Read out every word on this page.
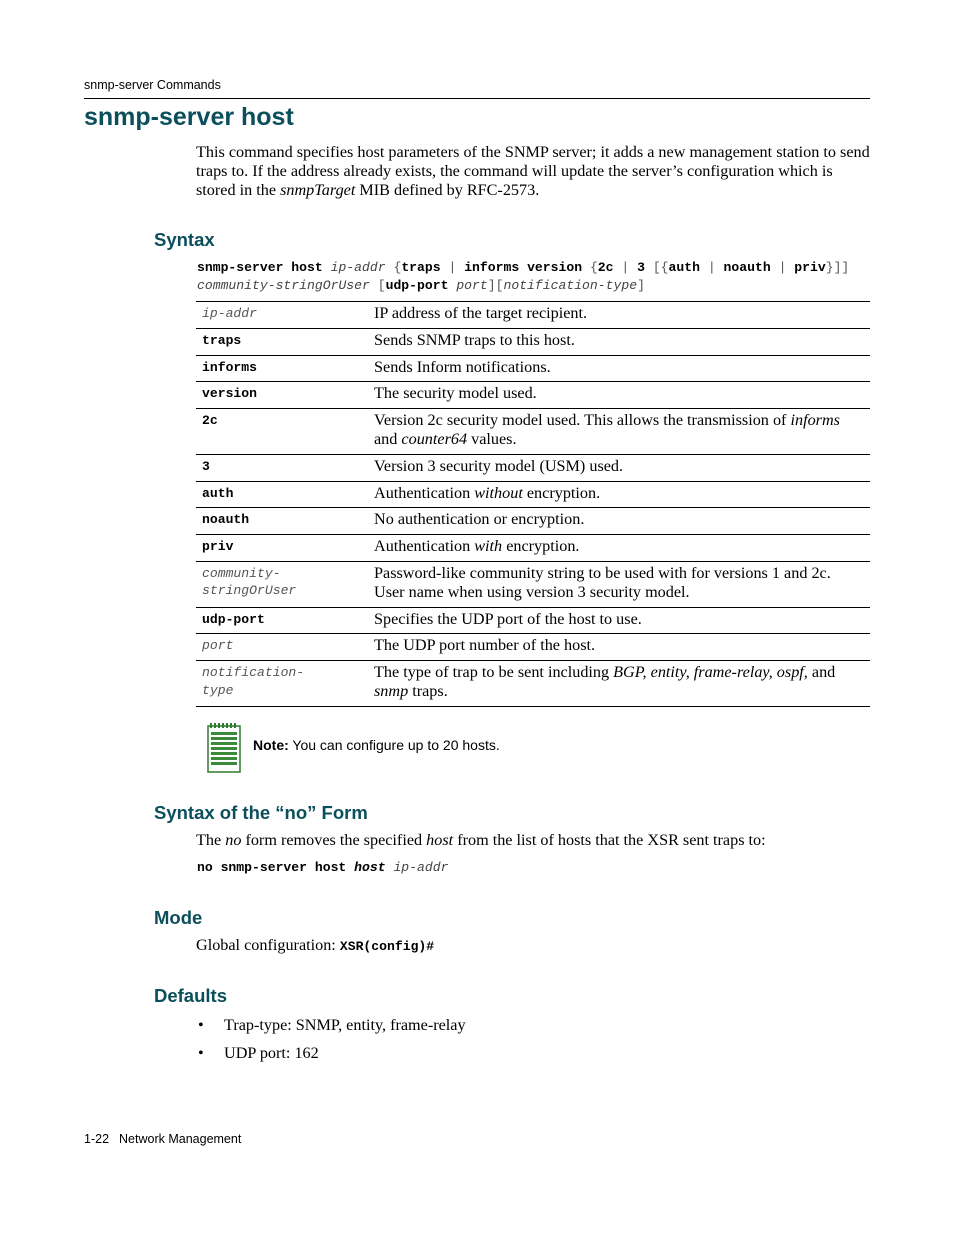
snmp-server Commands
snmp-server host

This command specifies host parameters of the SNMP server; it adds a new management station to send traps to. If the address already exists, the command will update the server’s configuration which is stored in the snmpTarget MIB defined by RFC-2573.

Syntax

snmp-server host ip-addr {traps | informs version {2c | 3 [{auth | noauth | priv}]]
community-stringOrUser [udp-port port][notification-type]

ip-addr	IP address of the target recipient.
traps	Sends SNMP traps to this host.
informs	Sends Inform notifications.
version	The security model used.
2c	Version 2c security model used. This allows the transmission of informs and counter64 values.
3	Version 3 security model (USM) used.
auth	Authentication without encryption.
noauth	No authentication or encryption.
priv	Authentication with encryption.
community-
stringOrUser	Password-like community string to be used with for versions 1 and 2c.
User name when using version 3 security model.
udp-port	Specifies the UDP port of the host to use.
port	The UDP port number of the host.
notification-
type	The type of trap to be sent including BGP, entity, frame-relay, ospf, and snmp traps.

Note: You can configure up to 20 hosts.

Syntax of the “no” Form

The no form removes the specified host from the list of hosts that the XSR sent traps to:

no snmp-server host host ip-addr

Mode

Global configuration: XSR(config)#

Defaults
• Trap-type: SNMP, entity, frame-relay
• UDP port: 162

1-22 Network Management
